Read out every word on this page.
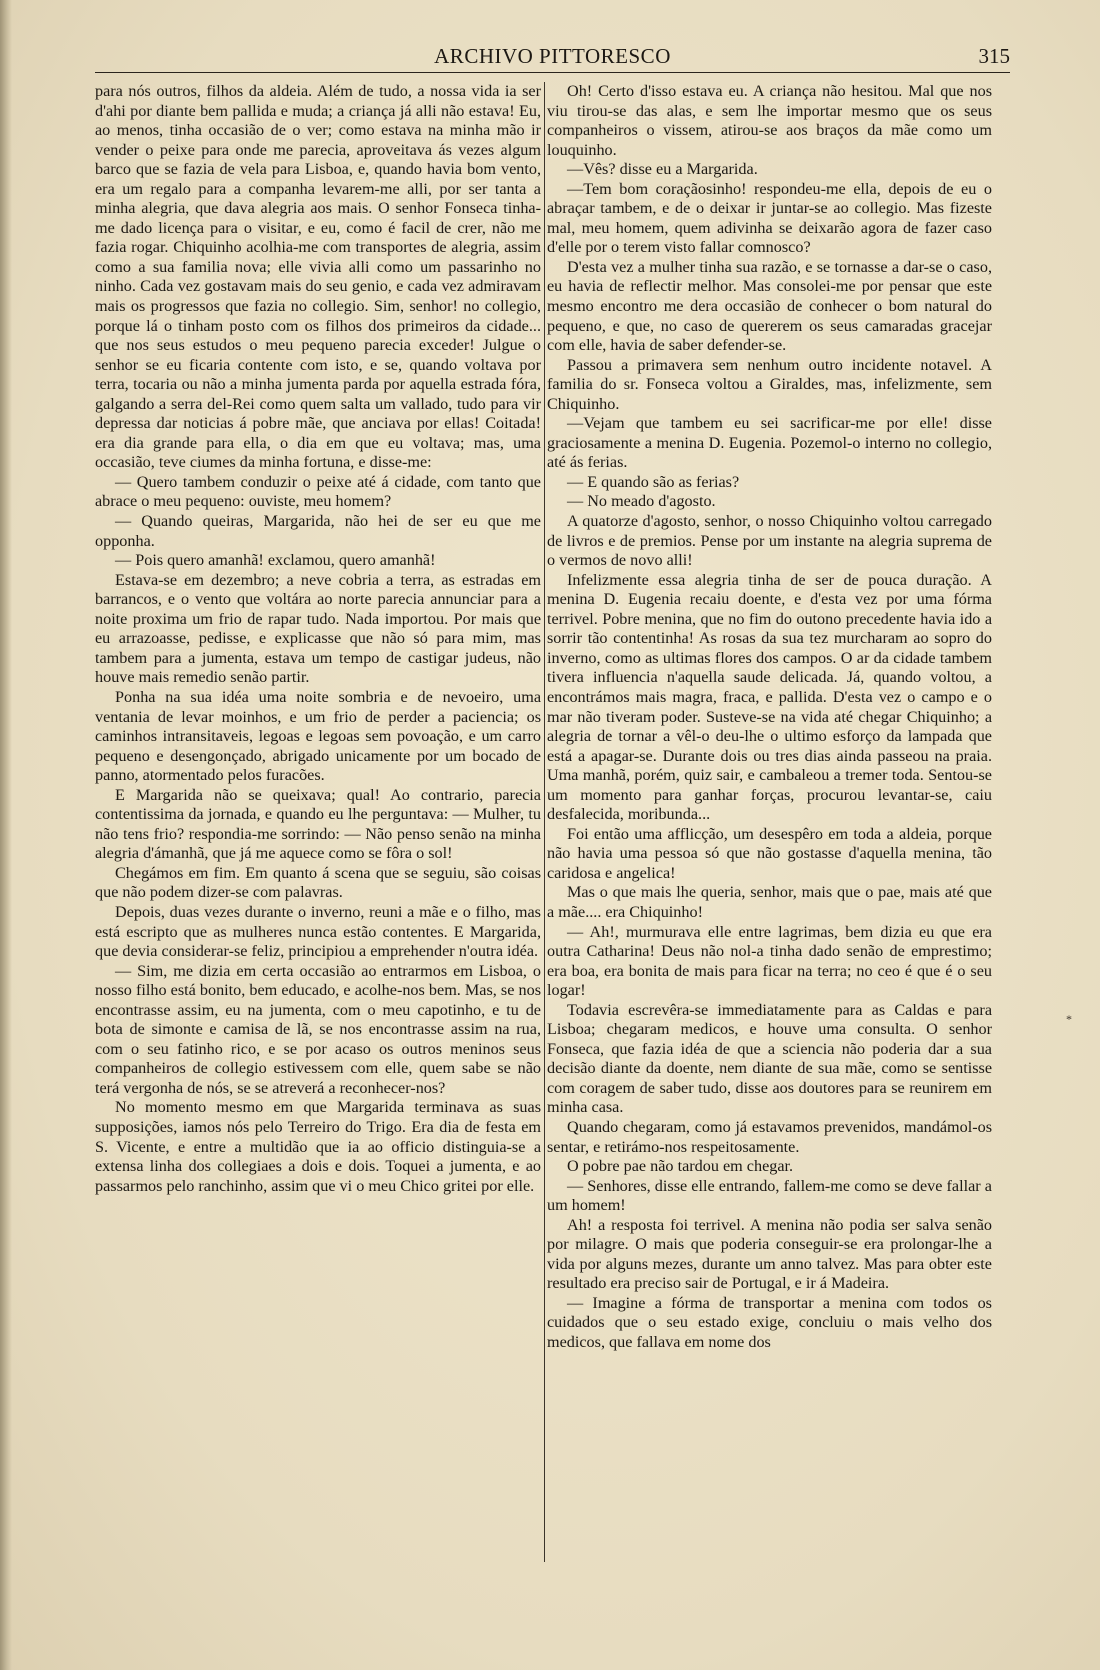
ARCHIVO PITTORESCO	315

para nós outros, filhos da aldeia. Além de tudo, a nossa vida ia ser d'ahi por diante bem pallida e muda; a criança já alli não estava! Eu, ao menos, tinha occasião de o ver; como estava na minha mão ir vender o peixe para onde me parecia, aproveitava ás vezes algum barco que se fazia de vela para Lisboa, e, quando havia bom vento, era um regalo para a companha levarem-me alli, por ser tanta a minha alegria, que dava alegria aos mais. O senhor Fonseca tinha-me dado licença para o visitar, e eu, como é facil de crer, não me fazia rogar. Chiquinho acolhia-me com transportes de alegria, assim como a sua familia nova; elle vivia alli como um passarinho no ninho. Cada vez gostavam mais do seu genio, e cada vez admiravam mais os progressos que fazia no collegio. Sim, senhor! no collegio, porque lá o tinham posto com os filhos dos primeiros da cidade... que nos seus estudos o meu pequeno parecia exceder! Julgue o senhor se eu ficaria contente com isto, e se, quando voltava por terra, tocaria ou não a minha jumenta parda por aquella estrada fóra, galgando a serra del-Rei como quem salta um vallado, tudo para vir depressa dar noticias á pobre mãe, que anciava por ellas! Coitada! era dia grande para ella, o dia em que eu voltava; mas, uma occasião, teve ciumes da minha fortuna, e disse-me:

— Quero tambem conduzir o peixe até á cidade, com tanto que abrace o meu pequeno: ouviste, meu homem?

— Quando queiras, Margarida, não hei de ser eu que me opponha.

— Pois quero amanhã! exclamou, quero amanhã!

Estava-se em dezembro; a neve cobria a terra, as estradas em barrancos, e o vento que voltára ao norte parecia annunciar para a noite proxima um frio de rapar tudo. Nada importou. Por mais que eu arrazoasse, pedisse, e explicasse que não só para mim, mas tambem para a jumenta, estava um tempo de castigar judeus, não houve mais remedio senão partir.

Ponha na sua idéa uma noite sombria e de nevoeiro, uma ventania de levar moinhos, e um frio de perder a paciencia; os caminhos intransitaveis, legoas e legoas sem povoação, e um carro pequeno e desengonçado, abrigado unicamente por um bocado de panno, atormentado pelos furacões.

E Margarida não se queixava; qual! Ao contrario, parecia contentissima da jornada, e quando eu lhe perguntava: — Mulher, tu não tens frio? respondia-me sorrindo: — Não penso senão na minha alegria d'ámanhã, que já me aquece como se fôra o sol!

Chegámos em fim. Em quanto á scena que se seguiu, são coisas que não podem dizer-se com palavras.

Depois, duas vezes durante o inverno, reuni a mãe e o filho, mas está escripto que as mulheres nunca estão contentes. E Margarida, que devia considerar-se feliz, principiou a emprehender n'outra idéa.

— Sim, me dizia em certa occasião ao entrarmos em Lisboa, o nosso filho está bonito, bem educado, e acolhe-nos bem. Mas, se nos encontrasse assim, eu na jumenta, com o meu capotinho, e tu de bota de simonte e camisa de lã, se nos encontrasse assim na rua, com o seu fatinho rico, e se por acaso os outros meninos seus companheiros de collegio estivessem com elle, quem sabe se não terá vergonha de nós, se se atreverá a reconhecer-nos?

No momento mesmo em que Margarida terminava as suas supposições, iamos nós pelo Terreiro do Trigo. Era dia de festa em S. Vicente, e entre a multidão que ia ao officio distinguia-se a extensa linha dos collegiaes a dois e dois. Toquei a jumenta, e ao passarmos pelo ranchinho, assim que vi o meu Chico gritei por elle.

Oh! Certo d'isso estava eu. A criança não hesitou. Mal que nos viu tirou-se das alas, e sem lhe importar mesmo que os seus companheiros o vissem, atirou-se aos braços da mãe como um louquinho.

—Vês? disse eu a Margarida.

—Tem bom coraçãosinho! respondeu-me ella, depois de eu o abraçar tambem, e de o deixar ir juntar-se ao collegio. Mas fizeste mal, meu homem, quem adivinha se deixarão agora de fazer caso d'elle por o terem visto fallar comnosco?

D'esta vez a mulher tinha sua razão, e se tornasse a dar-se o caso, eu havia de reflectir melhor. Mas consolei-me por pensar que este mesmo encontro me dera occasião de conhecer o bom natural do pequeno, e que, no caso de quererem os seus camaradas gracejar com elle, havia de saber defender-se.

Passou a primavera sem nenhum outro incidente notavel. A familia do sr. Fonseca voltou a Giraldes, mas, infelizmente, sem Chiquinho.

—Vejam que tambem eu sei sacrificar-me por elle! disse graciosamente a menina D. Eugenia. Pozemol-o interno no collegio, até ás ferias.

— E quando são as ferias?

— No meado d'agosto.

A quatorze d'agosto, senhor, o nosso Chiquinho voltou carregado de livros e de premios. Pense por um instante na alegria suprema de o vermos de novo alli!

Infelizmente essa alegria tinha de ser de pouca duração. A menina D. Eugenia recaiu doente, e d'esta vez por uma fórma terrivel. Pobre menina, que no fim do outono precedente havia ido a sorrir tão contentinha! As rosas da sua tez murcharam ao sopro do inverno, como as ultimas flores dos campos. O ar da cidade tambem tivera influencia n'aquella saude delicada. Já, quando voltou, a encontrámos mais magra, fraca, e pallida. D'esta vez o campo e o mar não tiveram poder. Susteve-se na vida até chegar Chiquinho; a alegria de tornar a vêl-o deu-lhe o ultimo esforço da lampada que está a apagar-se. Durante dois ou tres dias ainda passeou na praia. Uma manhã, porém, quiz sair, e cambaleou a tremer toda. Sentou-se um momento para ganhar forças, procurou levantar-se, caiu desfalecida, moribunda...

Foi então uma afflicção, um desespêro em toda a aldeia, porque não havia uma pessoa só que não gostasse d'aquella menina, tão caridosa e angelica!

Mas o que mais lhe queria, senhor, mais que o pae, mais até que a mãe.... era Chiquinho!

— Ah!, murmurava elle entre lagrimas, bem dizia eu que era outra Catharina! Deus não nol-a tinha dado senão de emprestimo; era boa, era bonita de mais para ficar na terra; no ceo é que é o seu logar!

Todavia escrevêra-se immediatamente para as Caldas e para Lisboa; chegaram medicos, e houve uma consulta. O senhor Fonseca, que fazia idéa de que a sciencia não poderia dar a sua decisão diante da doente, nem diante de sua mãe, como se sentisse com coragem de saber tudo, disse aos doutores para se reunirem em minha casa.

Quando chegaram, como já estavamos prevenidos, mandámol-os sentar, e retirámo-nos respeitosamente.

O pobre pae não tardou em chegar.

— Senhores, disse elle entrando, fallem-me como se deve fallar a um homem!

Ah! a resposta foi terrivel. A menina não podia ser salva senão por milagre. O mais que poderia conseguir-se era prolongar-lhe a vida por alguns mezes, durante um anno talvez. Mas para obter este resultado era preciso sair de Portugal, e ir á Madeira.

— Imagine a fórma de transportar a menina com todos os cuidados que o seu estado exige, concluiu o mais velho dos medicos, que fallava em nome dos

*
